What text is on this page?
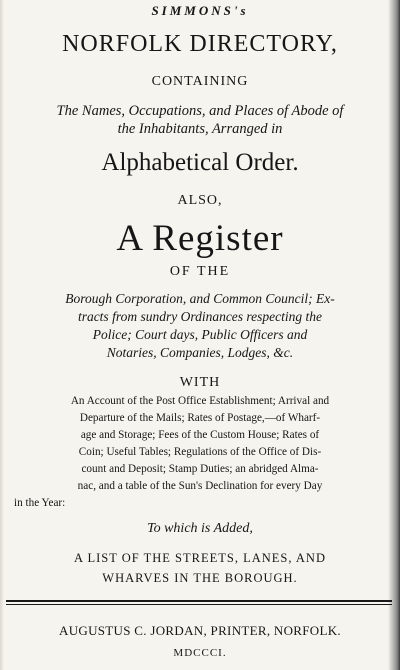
SIMMONS's
NORFOLK DIRECTORY,
CONTAINING
The Names, Occupations, and Places of Abode of
the Inhabitants, Arranged in
Alphabetical Order.
ALSO,
A Register
OF THE
Borough Corporation, and Common Council; Ex-
tracts from sundry Ordinances respecting the
Police; Court days, Public Officers and
Notaries, Companies, Lodges, &c.
WITH
An Account of the Post Office Establishment; Arrival and
Departure of the Mails; Rates of Postage,—of Wharf-
age and Storage; Fees of the Custom House; Rates of
Coin; Useful Tables; Regulations of the Office of Dis-
count and Deposit; Stamp Duties; an abridged Alma-
nac, and a table of the Sun's Declination for every Day
in the Year:
To which is Added,
A LIST OF THE STREETS, LANES, AND
WHARVES IN THE BOROUGH.
AUGUSTUS C. JORDAN, PRINTER, NORFOLK.
MDCCCI.
